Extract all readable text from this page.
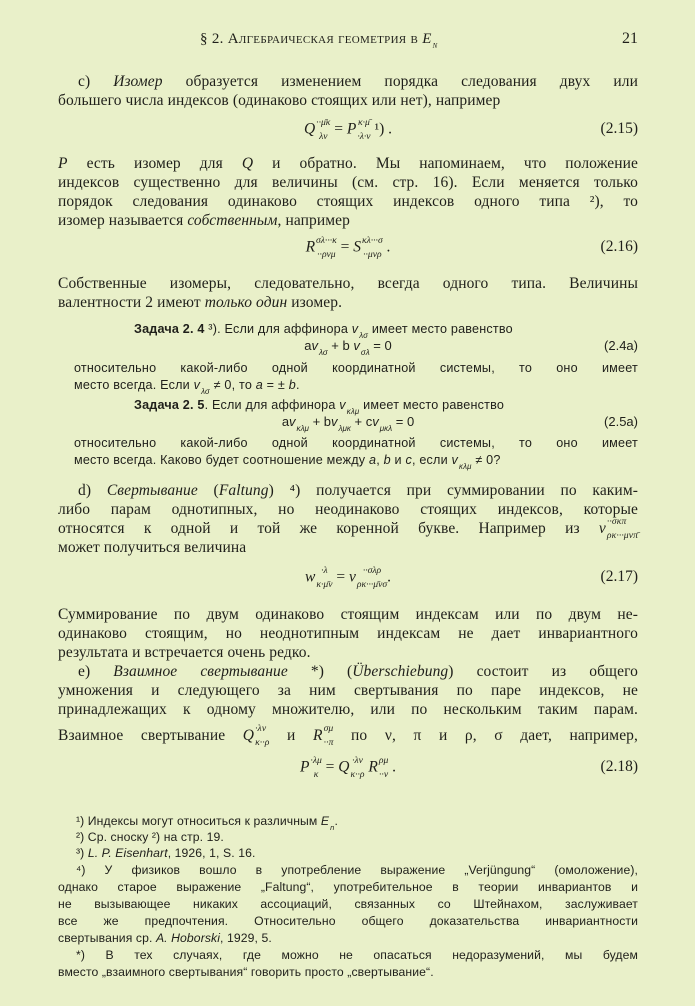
§ 2. Алгебраическая геометрия в E
n	21
c) Изомер образуется изменением порядка следования двух или
большего числа индексов (одинаково стоящих или нет), например
P есть изомер для Q и обратно. Мы напоминаем, что положение
индексов существенно для величины (см. стр. 16). Если меняется только
порядок следования одинаково стоящих индексов одного типа ²), то
изомер называется собственным, например
Собственные изомеры, следовательно, всегда одного типа. Величины
валентности 2 имеют только один изомер.
Задача 2. 4 ³). Если для аффинора v
λσ имеет место равенство
относительно какой-либо одной координатной системы, то оно имеет
место всегда. Если v
λσ ≠ 0, то a = ± b.
Задача 2. 5. Если для аффинора v
κλμ имеет место равенство
относительно какой-либо одной координатной системы, то оно имеет
место всегда. Каково будет соотношение между a, b и c, если v
κλμ ≠ 0?
d) Свертывание (Faltung) ⁴) получается при суммировании по каким-
либо парам однотипных, но неодинаково стоящих индексов, которые
относятся к одной и той же коренной букве. Например из v ··σκπ
ρκ···μνπ̄
может получиться величина
Суммирование по двум одинаково стоящим индексам или по двум не-
одинаково стоящим, но неоднотипным индексам не дает инвариантного
результата и встречается очень редко.
e) Взаимное свертывание *) (Überschiebung) состоит из общего
умножения и следующего за ним свертывания по паре индексов, не
принадлежащих к одному множителю, или по нескольким таким парам.
Взаимное свертывание Q ·λν
κ··ρ и R σμ
··π по ν, π и ρ, σ дает, например,
¹) Индексы могут относиться к различным E
n .
²) Ср. сноску ²) на стр. 19.
³) L. P. Eisenhart, 1926, 1, S. 16.
⁴) У физиков вошло в употребление выражение „Verjüngung“ (омоложение),
однако старое выражение „Faltung“, употребительное в теории инвариантов и
не вызывающее никаких ассоциаций, связанных со Штейнахом, заслуживает
все же предпочтения. Относительно общего доказательства инвариантности
свертывания ср. A. Hoborski, 1929, 5.
*) В тех случаях, где можно не опасаться недоразумений, мы будем
вместо „взаимного свертывания“ говорить просто „свертывание“.
Q ··μ̄κ
λν = P κ·μ̄
·λ·ν ¹) .	(2.15)
R σλ···κ
··ρνμ = S κλ···σ
··μνρ .	(2.16)
av
λσ + b v
σλ = 0	(2.4a)
av
κλμ + bv
λμκ + cv
μκλ = 0	(2.5a)
w ·λ
κ·μ̄ν = v ··σλρ
ρκ···μ̄νσ .	(2.17)
P ·λμ
κ = Q ·λν
κ··ρ R ρμ
··ν .	(2.18)
